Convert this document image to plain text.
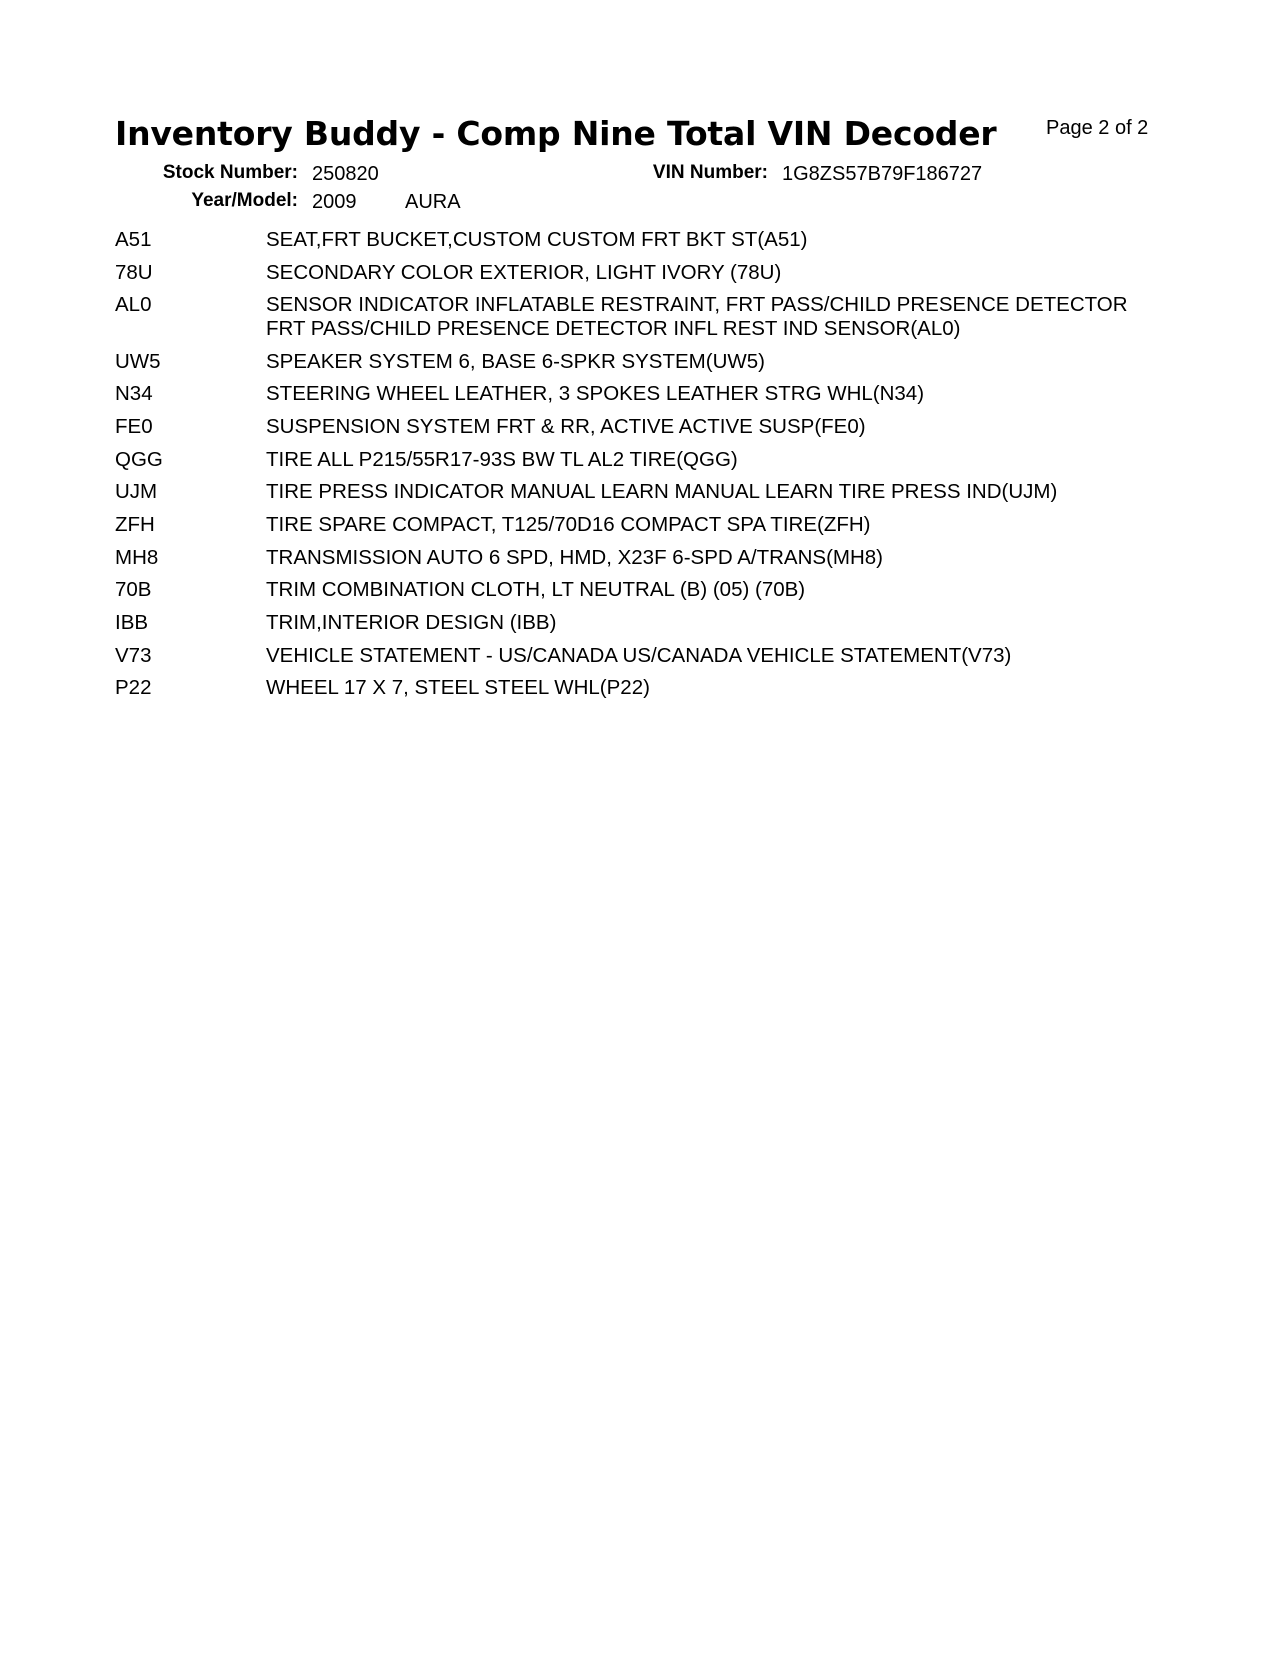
Inventory Buddy - Comp Nine Total VIN Decoder Page 2 of 2
Stock Number: 250820	VIN Number: 1G8ZS57B79F186727
Year/Model: 2009 AURA
A51	SEAT,FRT BUCKET,CUSTOM CUSTOM FRT BKT ST(A51)
78U	SECONDARY COLOR EXTERIOR, LIGHT IVORY (78U)
AL0	SENSOR INDICATOR INFLATABLE RESTRAINT, FRT PASS/CHILD PRESENCE DETECTOR
FRT PASS/CHILD PRESENCE DETECTOR INFL REST IND SENSOR(AL0)
UW5	SPEAKER SYSTEM 6, BASE 6-SPKR SYSTEM(UW5)
N34	STEERING WHEEL LEATHER, 3 SPOKES LEATHER STRG WHL(N34)
FE0	SUSPENSION SYSTEM FRT & RR, ACTIVE ACTIVE SUSP(FE0)
QGG	TIRE ALL P215/55R17-93S BW TL AL2 TIRE(QGG)
UJM	TIRE PRESS INDICATOR MANUAL LEARN MANUAL LEARN TIRE PRESS IND(UJM)
ZFH	TIRE SPARE COMPACT, T125/70D16 COMPACT SPA TIRE(ZFH)
MH8	TRANSMISSION AUTO 6 SPD, HMD, X23F 6-SPD A/TRANS(MH8)
70B	TRIM COMBINATION CLOTH, LT NEUTRAL (B) (05) (70B)
IBB	TRIM,INTERIOR DESIGN (IBB)
V73	VEHICLE STATEMENT - US/CANADA US/CANADA VEHICLE STATEMENT(V73)
P22	WHEEL 17 X 7, STEEL STEEL WHL(P22)
